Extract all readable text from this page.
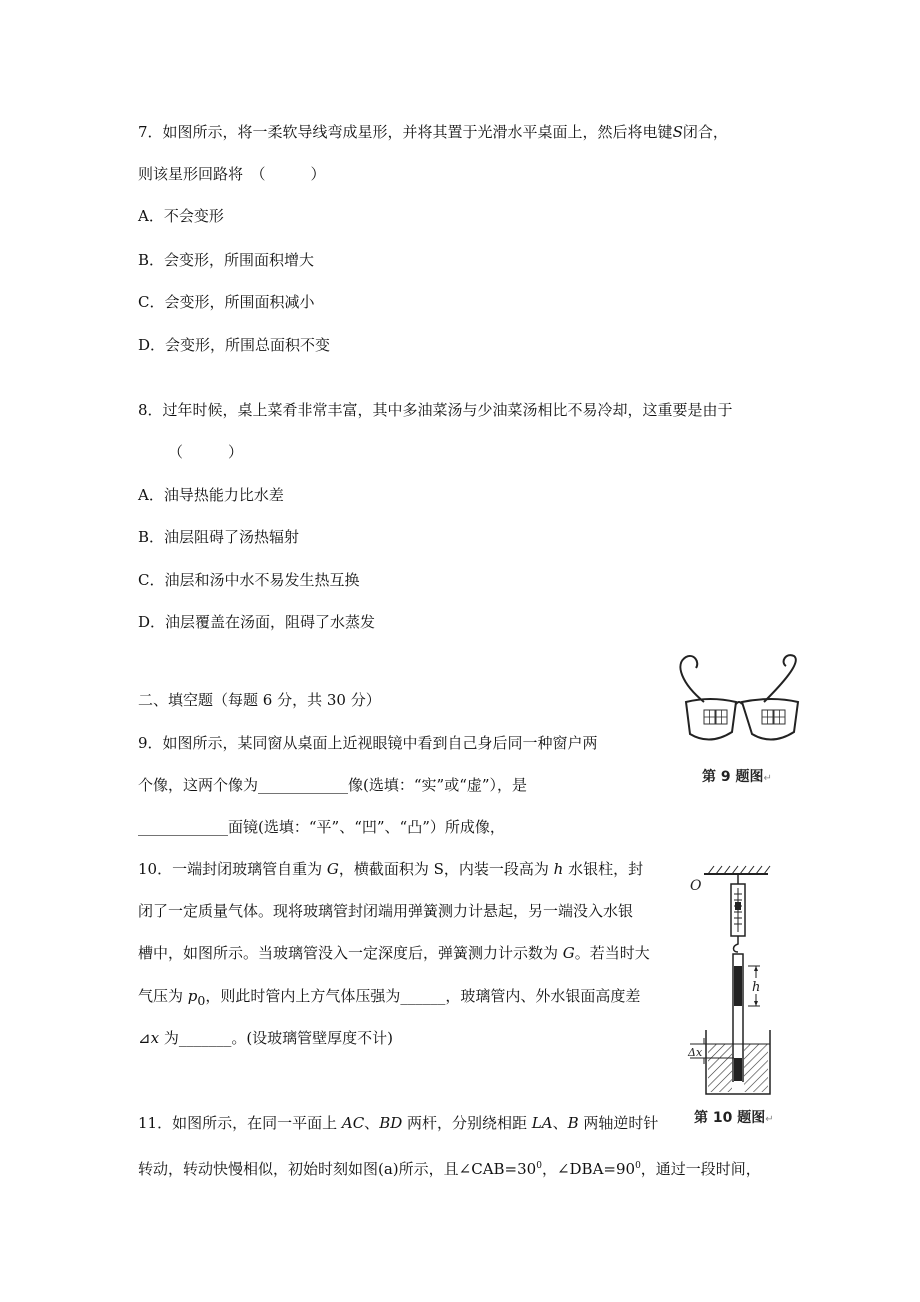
7．如图所示，将一柔软导线弯成星形，并将其置于光滑水平桌面上，然后将电键S闭合，
则该星形回路将　（　　　）
A．不会变形
B．会变形，所围面积增大
C．会变形，所围面积减小
D．会变形，所围总面积不变
8．过年时候，桌上菜肴非常丰富，其中多油菜汤与少油菜汤相比不易冷却，这重要是由于
（　　　）
A．油导热能力比水差
B．油层阻碍了汤热辐射
C．油层和汤中水不易发生热互换
D．油层覆盖在汤面，阻碍了水蒸发
二、填空题（每题 6 分，共 30 分）
9．如图所示，某同窗从桌面上近视眼镜中看到自己身后同一种窗户两
个像，这两个像为____________像(选填：“实”或“虚”），是
____________面镜(选填：“平”、“凹”、“凸”）所成像，
第 9 题图↵
10．一端封闭玻璃管自重为 G，横截面积为 S，内装一段高为 h 水银柱，封
闭了一定质量气体。现将玻璃管封闭端用弹簧测力计悬起，另一端没入水银
槽中，如图所示。当玻璃管没入一定深度后，弹簧测力计示数为 G。若当时大
气压为 $p_0$，则此时管内上方气体压强为______，玻璃管内、外水银面高度差
⊿x 为_______。(设玻璃管壁厚度不计)
O
h
Δx
第 10 题图↵
11．如图所示，在同一平面上 AC、BD 两杆，分别绕相距 LA、B 两轴逆时针
转动，转动快慢相似，初始时刻如图(a)所示，且$\angle CAB=30^0$，$\angle DBA=90^0$，通过一段时间，
